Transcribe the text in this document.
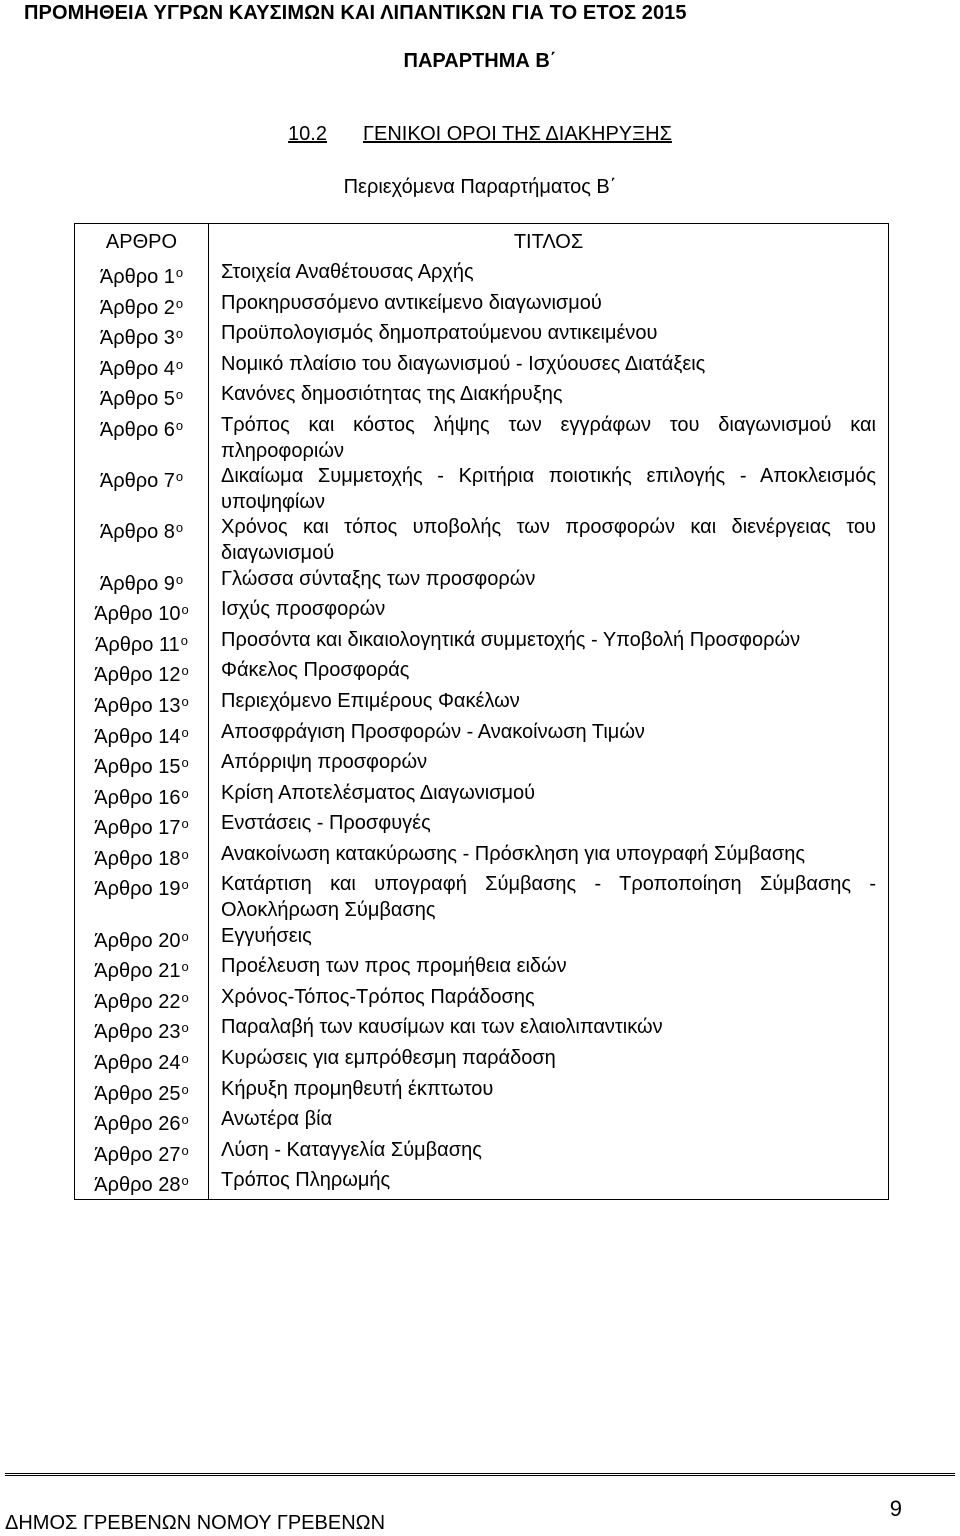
ΠΡΟΜΗΘΕΙΑ ΥΓΡΩΝ ΚΑΥΣΙΜΩΝ ΚΑΙ ΛΙΠΑΝΤΙΚΩΝ ΓΙΑ ΤΟ ΕΤΟΣ 2015
ΠΑΡΑΡΤΗΜΑ Β΄
10.2 ΓΕΝΙΚΟΙ ΟΡΟΙ ΤΗΣ ΔΙΑΚΗΡΥΞΗΣ
Περιεχόμενα Παραρτήματος Β΄
ΑΡΘΡΟ	ΤΙΤΛΟΣ
Άρθρο $1^o$	Στοιχεία Αναθέτουσας Αρχής
Άρθρο $2^o$	Προκηρυσσόμενο αντικείμενο διαγωνισμού
Άρθρο $3^o$	Προϋπολογισμός δημοπρατούμενου αντικειμένου
Άρθρο $4^o$	Νομικό πλαίσιο του διαγωνισμού - Ισχύουσες Διατάξεις
Άρθρο $5^o$	Κανόνες δημοσιότητας της Διακήρυξης
Άρθρο $6^o$	Τρόπος και κόστος λήψης των εγγράφων του διαγωνισμού και πληροφοριών
Άρθρο $7^o$	Δικαίωμα Συμμετοχής - Κριτήρια ποιοτικής επιλογής - Αποκλεισμός υποψηφίων
Άρθρο $8^o$	Χρόνος και τόπος υποβολής των προσφορών και διενέργειας του διαγωνισμού
Άρθρο $9^o$	Γλώσσα σύνταξης των προσφορών
Άρθρο $10^o$	Ισχύς προσφορών
Άρθρο $11^o$	Προσόντα και δικαιολογητικά συμμετοχής - Υποβολή Προσφορών
Άρθρο $12^o$	Φάκελος Προσφοράς
Άρθρο $13^o$	Περιεχόμενο Επιμέρους Φακέλων
Άρθρο $14^o$	Αποσφράγιση Προσφορών - Ανακοίνωση Τιμών
Άρθρο $15^o$	Απόρριψη προσφορών
Άρθρο $16^o$	Κρίση Αποτελέσματος Διαγωνισμού
Άρθρο $17^o$	Ενστάσεις - Προσφυγές
Άρθρο $18^o$	Ανακοίνωση κατακύρωσης - Πρόσκληση για υπογραφή Σύμβασης
Άρθρο $19^o$	Κατάρτιση και υπογραφή Σύμβασης - Τροποποίηση Σύμβασης - Ολοκλήρωση Σύμβασης
Άρθρο $20^o$	Εγγυήσεις
Άρθρο $21^o$	Προέλευση των προς προμήθεια ειδών
Άρθρο $22^o$	Χρόνος-Τόπος-Τρόπος Παράδοσης
Άρθρο $23^o$	Παραλαβή των καυσίμων και των ελαιολιπαντικών
Άρθρο $24^o$	Κυρώσεις για εμπρόθεσμη παράδοση
Άρθρο $25^o$	Κήρυξη προμηθευτή έκπτωτου
Άρθρο $26^o$	Ανωτέρα βία
Άρθρο $27^o$	Λύση - Καταγγελία Σύμβασης
Άρθρο $28^o$	Τρόπος Πληρωμής
ΔΗΜΟΣ ΓΡΕΒΕΝΩΝ ΝΟΜΟΥ ΓΡΕΒΕΝΩΝ
9
